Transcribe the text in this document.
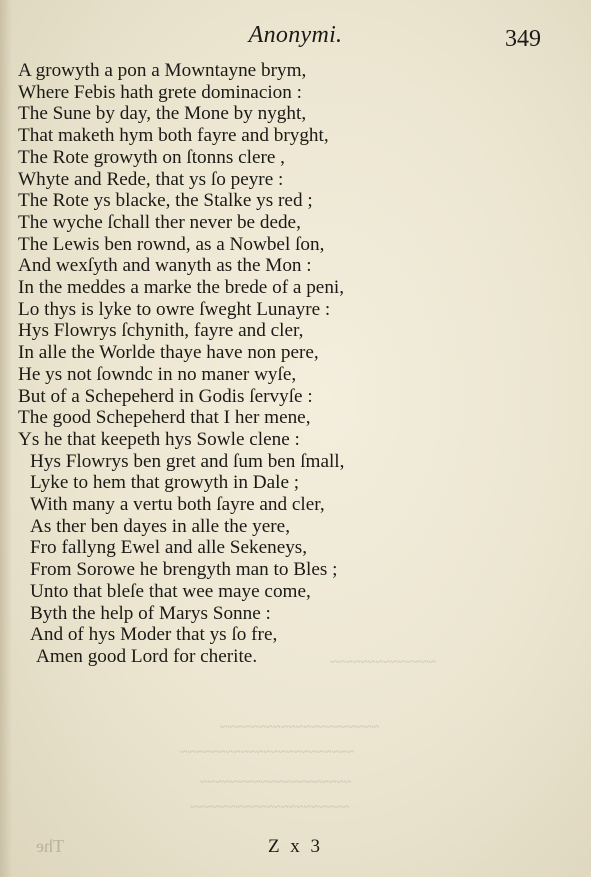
Anonymi.	349
A growyth a pon a Mowntayne brym,
Where Febis hath grete dominacion :
The Sune by day, the Mone by nyght,
That maketh hym both fayre and bryght,
The Rote growyth on ſtonns clere ,
Whyte and Rede, that ys ſo peyre :
The Rote ys blacke, the Stalke ys red ;
The wyche ſchall ther never be dede,
The Lewis ben rownd, as a Nowbel ſon,
And wexſyth and wanyth as the Mon :
In the meddes a marke the brede of a peni,
Lo thys is lyke to owre ſweght Lunayre :
Hys Flowrys ſchynith, fayre and cler,
In alle the Worlde thaye have non pere,
He ys not ſowndc in no maner wyſe,
But of a Schepeherd in Godis ſervyſe :
The good Schepeherd that I her mene,
Ys he that keepeth hys Sowle clene :
Hys Flowrys ben gret and ſum ben ſmall,
Lyke to hem that growyth in Dale ;
With many a vertu both ſayre and cler,
As ther ben dayes in alle the yere,
Fro fallyng Ewel and alle Sekeneys,
From Sorowe he brengyth man to Bles ;
Unto that bleſe that wee maye come,
Byth the help of Marys Sonne :
And of hys Moder that ys ſo fre,
Amen good Lord for cherite.	~~~~~~~~~~~~~~
~~~~~~~~~~~~~~~~~~~~~
~~~~~~~~~~~~~~~~~~~~~~~
~~~~~~~~~~~~~~~~~~~~
~~~~~~~~~~~~~~~~~~~~~
The	Z x 3
